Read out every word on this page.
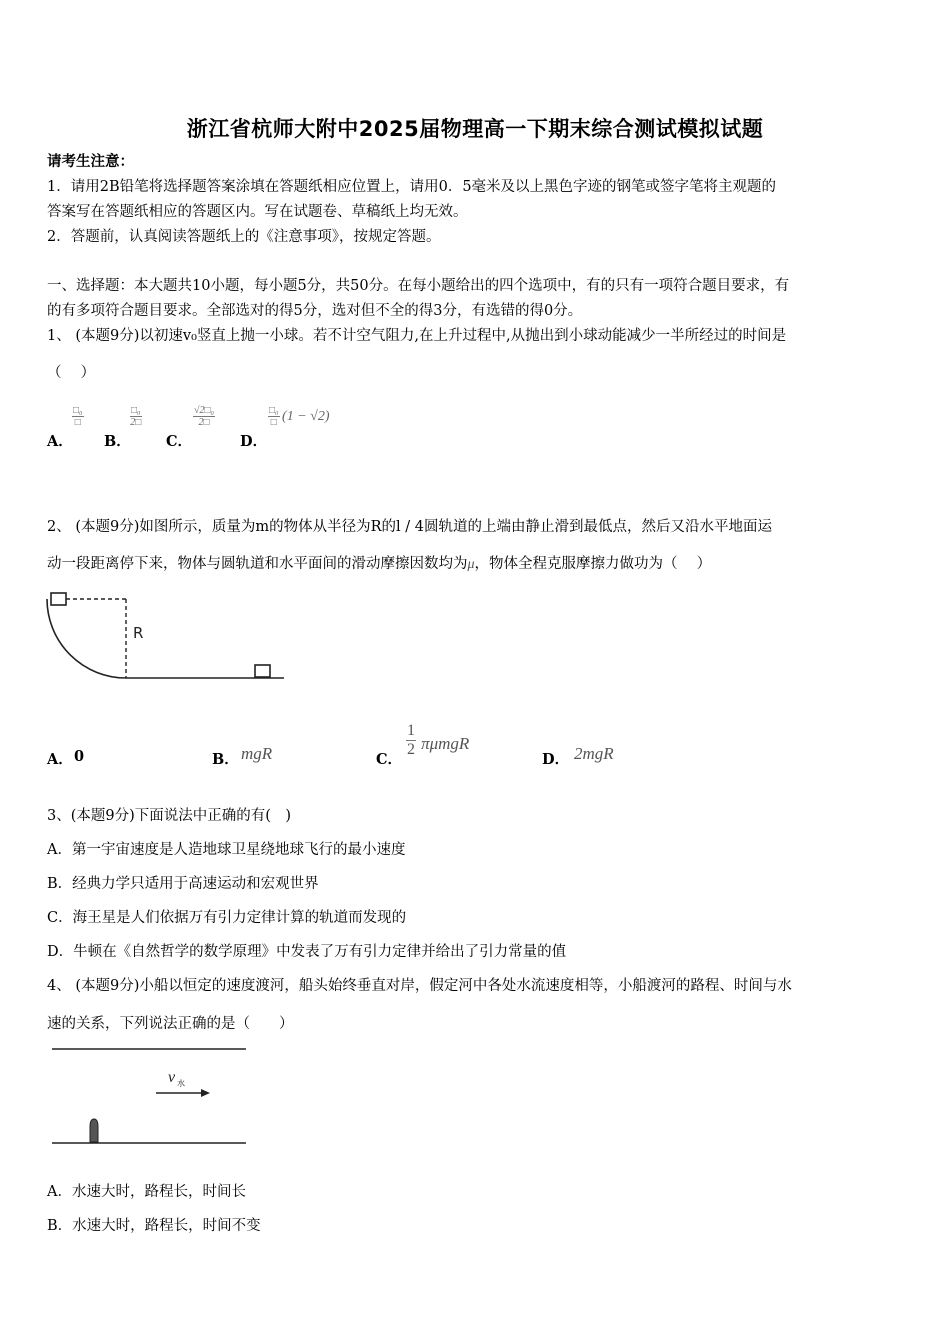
浙江省杭师大附中2025届物理高一下期末综合测试模拟试题
请考生注意：
1．请用2B铅笔将选择题答案涂填在答题纸相应位置上，请用0．5毫米及以上黑色字迹的钢笔或签字笔将主观题的
答案写在答题纸相应的答题区内。写在试题卷、草稿纸上均无效。
2．答题前，认真阅读答题纸上的《注意事项》，按规定答题。
一、选择题：本大题共10小题，每小题5分，共50分。在每小题给出的四个选项中，有的只有一项符合题目要求，有
的有多项符合题目要求。全部选对的得5分，选对但不全的得3分，有选错的得0分。
1、 (本题9分)以初速v₀竖直上抛一小球。若不计空气阻力,在上升过程中,从抛出到小球动能减少一半所经过的时间是
（　 ）
A．
$\frac{\text{□₀}}{□}$
B．
$\frac{\text{□₀}}{2□}$
C．
$\frac{\text{√2□₀}}{2□}$
D．
$\frac{\text{□₀}}{□} (1 - √2)$
2、 (本题9分)如图所示，质量为m的物体从半径为R的l / 4圆轨道的上端由静止滑到最低点，然后又沿水平地面运
动一段距离停下来，物体与圆轨道和水平面间的滑动摩擦因数均为μ，物体全程克服摩擦力做功为（　 ）
R
A． 0	B． mgR	C．
$\frac{1}{2}$ πμmgR
D． 2mgR
3、(本题9分)下面说法中正确的有(　)
A．第一宇宙速度是人造地球卫星绕地球飞行的最小速度
B．经典力学只适用于高速运动和宏观世界
C．海王星是人们依据万有引力定律计算的轨道而发现的
D．牛顿在《自然哲学的数学原理》中发表了万有引力定律并给出了引力常量的值
4、 (本题9分)小船以恒定的速度渡河，船头始终垂直对岸，假定河中各处水流速度相等，小船渡河的路程、时间与水
速的关系，下列说法正确的是（　　）
v 水
A．水速大时，路程长，时间长
B．水速大时，路程长，时间不变
